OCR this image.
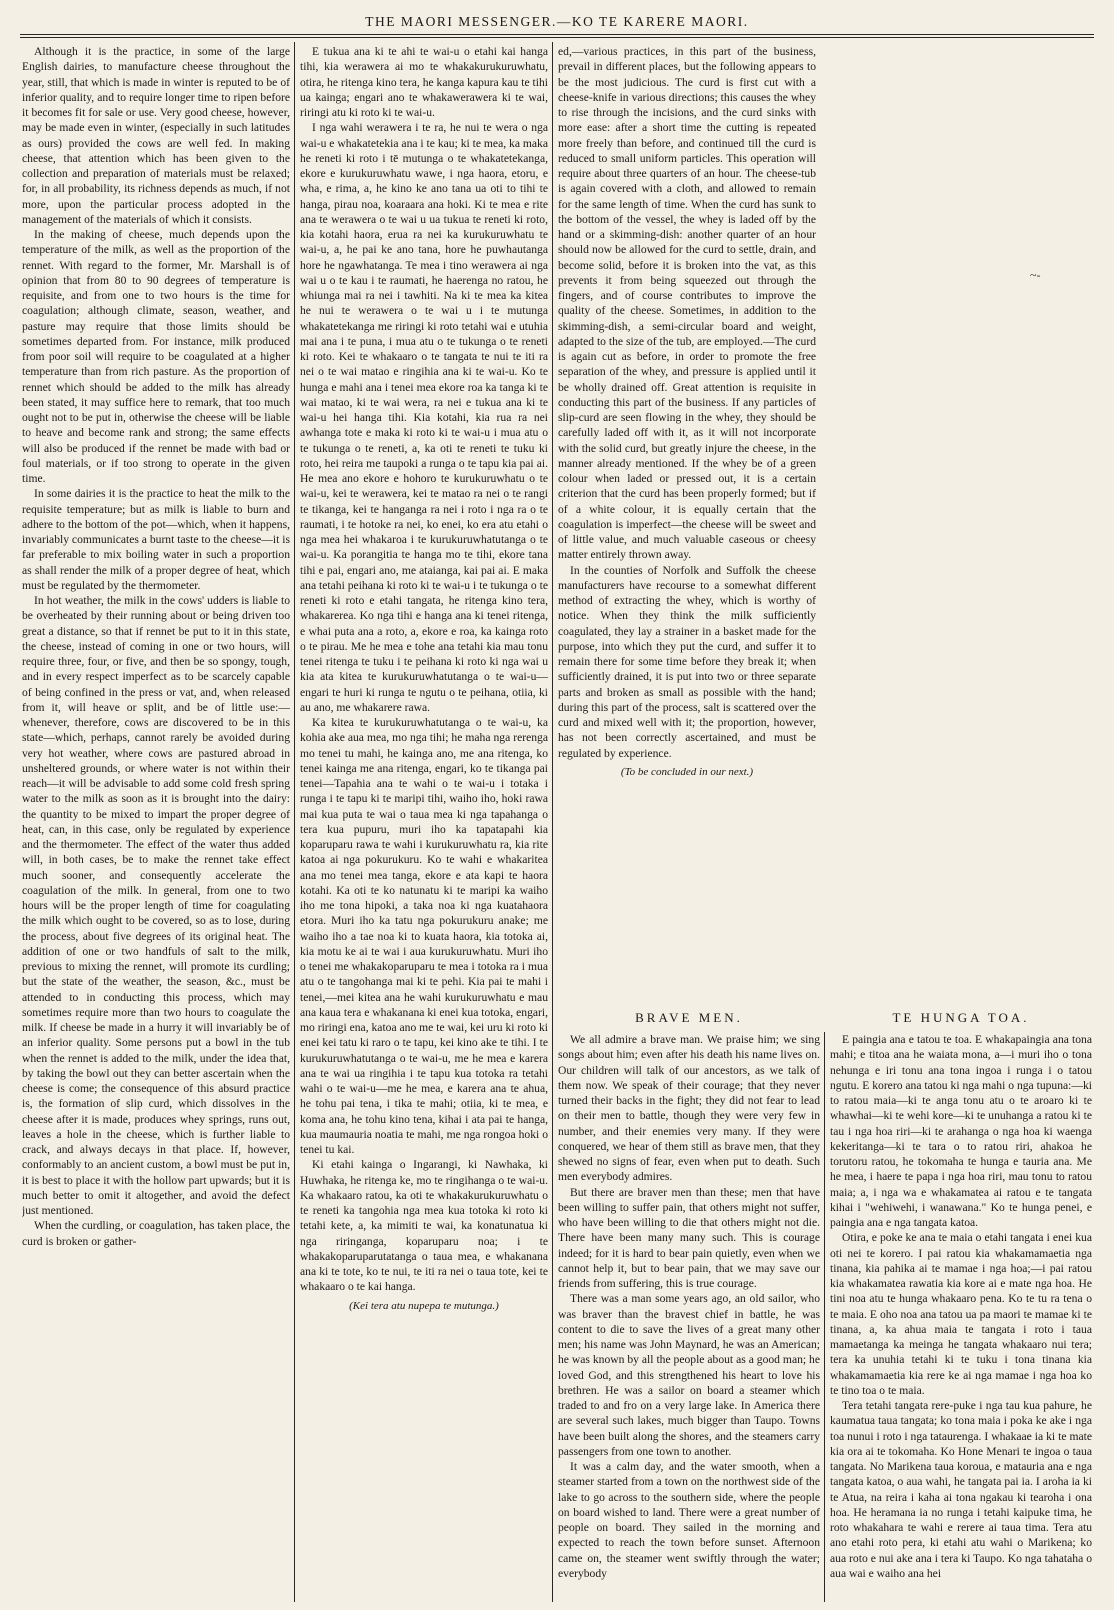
THE MAORI MESSENGER.—KO TE KARERE MAORI.

Although it is the practice, in some of the large English dairies, to manufacture cheese throughout the year, still, that which is made in winter is reputed to be of inferior quality, and to require longer time to ripen before it becomes fit for sale or use. Very good cheese, however, may be made even in winter, (especially in such latitudes as ours) provided the cows are well fed. In making cheese, that attention which has been given to the collection and preparation of materials must be relaxed; for, in all probability, its richness depends as much, if not more, upon the particular process adopted in the management of the materials of which it consists.

In the making of cheese, much depends upon the temperature of the milk, as well as the proportion of the rennet. With regard to the former, Mr. Marshall is of opinion that from 80 to 90 degrees of temperature is requisite, and from one to two hours is the time for coagulation; although climate, season, weather, and pasture may require that those limits should be sometimes departed from. For instance, milk produced from poor soil will require to be coagulated at a higher temperature than from rich pasture. As the proportion of rennet which should be added to the milk has already been stated, it may suffice here to remark, that too much ought not to be put in, otherwise the cheese will be liable to heave and become rank and strong; the same effects will also be produced if the rennet be made with bad or foul materials, or if too strong to operate in the given time.

In some dairies it is the practice to heat the milk to the requisite temperature; but as milk is liable to burn and adhere to the bottom of the pot—which, when it happens, invariably communicates a burnt taste to the cheese—it is far preferable to mix boiling water in such a proportion as shall render the milk of a proper degree of heat, which must be regulated by the thermometer.

In hot weather, the milk in the cows' udders is liable to be overheated by their running about or being driven too great a distance, so that if rennet be put to it in this state, the cheese, instead of coming in one or two hours, will require three, four, or five, and then be so spongy, tough, and in every respect imperfect as to be scarcely capable of being confined in the press or vat, and, when released from it, will heave or split, and be of little use:—whenever, therefore, cows are discovered to be in this state—which, perhaps, cannot rarely be avoided during very hot weather, where cows are pastured abroad in unsheltered grounds, or where water is not within their reach—it will be advisable to add some cold fresh spring water to the milk as soon as it is brought into the dairy: the quantity to be mixed to impart the proper degree of heat, can, in this case, only be regulated by experience and the thermometer. The effect of the water thus added will, in both cases, be to make the rennet take effect much sooner, and consequently accelerate the coagulation of the milk. In general, from one to two hours will be the proper length of time for coagulating the milk which ought to be covered, so as to lose, during the process, about five degrees of its original heat. The addition of one or two handfuls of salt to the milk, previous to mixing the rennet, will promote its curdling; but the state of the weather, the season, &c., must be attended to in conducting this process, which may sometimes require more than two hours to coagulate the milk. If cheese be made in a hurry it will invariably be of an inferior quality. Some persons put a bowl in the tub when the rennet is added to the milk, under the idea that, by taking the bowl out they can better ascertain when the cheese is come; the consequence of this absurd practice is, the formation of slip curd, which dissolves in the cheese after it is made, produces whey springs, runs out, leaves a hole in the cheese, which is further liable to crack, and always decays in that place. If, however, conformably to an ancient custom, a bowl must be put in, it is best to place it with the hollow part upwards; but it is much better to omit it altogether, and avoid the defect just mentioned.

When the curdling, or coagulation, has taken place, the curd is broken or gather-

E tukua ana ki te ahi te wai-u o etahi kai hanga tihi, kia werawera ai mo te whakakurukuruwhatu, otira, he ritenga kino tera, he kanga kapura kau te tihi ua kainga; engari ano te whakawerawera ki te wai, riringi atu ki roto ki te wai-u.

I nga wahi werawera i te ra, he nui te wera o nga wai-u e whakatetekia ana i te kau; ki te mea, ka maka he reneti ki roto i tē mutunga o te whakatetekanga, ekore e kurukuruwhatu wawe, i nga haora, etoru, e wha, e rima, a, he kino ke ano tana ua oti to tihi te hanga, pirau noa, koaraara ana hoki. Ki te mea e rite ana te werawera o te wai u ua tukua te reneti ki roto, kia kotahi haora, erua ra nei ka kurukuruwhatu te wai-u, a, he pai ke ano tana, hore he puwhautanga hore he ngawhatanga. Te mea i tino werawera ai nga wai u o te kau i te raumati, he haerenga no ratou, he whiunga mai ra nei i tawhiti. Na ki te mea ka kitea he nui te werawera o te wai u i te mutunga whakatetekanga me riringi ki roto tetahi wai e utuhia mai ana i te puna, i mua atu o te tukunga o te reneti ki roto. Kei te whakaaro o te tangata te nui te iti ra nei o te wai matao e ringihia ana ki te wai-u. Ko te hunga e mahi ana i tenei mea ekore roa ka tanga ki te wai matao, ki te wai wera, ra nei e tukua ana ki te wai-u hei hanga tihi. Kia kotahi, kia rua ra nei awhanga tote e maka ki roto ki te wai-u i mua atu o te tukunga o te reneti, a, ka oti te reneti te tuku ki roto, hei reira me taupoki a runga o te tapu kia pai ai. He mea ano ekore e hohoro te kurukuruwhatu o te wai-u, kei te werawera, kei te matao ra nei o te rangi te tikanga, kei te hanganga ra nei i roto i nga ra o te raumati, i te hotoke ra nei, ko enei, ko era atu etahi o nga mea hei whakaroa i te kurukuruwhatutanga o te wai-u. Ka porangitia te hanga mo te tihi, ekore tana tihi e pai, engari ano, me ataianga, kai pai ai. E maka ana tetahi peihana ki roto ki te wai-u i te tukunga o te reneti ki roto e etahi tangata, he ritenga kino tera, whakarerea. Ko nga tihi e hanga ana ki tenei ritenga, e whai puta ana a roto, a, ekore e roa, ka kainga roto o te pirau. Me he mea e tohe ana tetahi kia mau tonu tenei ritenga te tuku i te peihana ki roto ki nga wai u kia ata kitea te kurukuruwhatutanga o te wai-u—engari te huri ki runga te ngutu o te peihana, otiia, ki au ano, me whakarere rawa.

Ka kitea te kurukuruwhatutanga o te wai-u, ka kohia ake aua mea, mo nga tihi; he maha nga rerenga mo tenei tu mahi, he kainga ano, me ana ritenga, ko tenei kainga me ana ritenga, engari, ko te tikanga pai tenei—Tapahia ana te wahi o te wai-u i totaka i runga i te tapu ki te maripi tihi, waiho iho, hoki rawa mai kua puta te wai o taua mea ki nga tapahanga o tera kua pupuru, muri iho ka tapatapahi kia koparuparu rawa te wahi i kurukuruwhatu ra, kia rite katoa ai nga pokurukuru. Ko te wahi e whakaritea ana mo tenei mea tanga, ekore e ata kapi te haora kotahi. Ka oti te ko natunatu ki te maripi ka waiho iho me tona hipoki, a taka noa ki nga kuatahaora etora. Muri iho ka tatu nga pokurukuru anake; me waiho iho a tae noa ki to kuata haora, kia totoka ai, kia motu ke ai te wai i aua kurukuruwhatu. Muri iho o tenei me whakakoparuparu te mea i totoka ra i mua atu o te tangohanga mai ki te pehi. Kia pai te mahi i tenei,—mei kitea ana he wahi kurukuruwhatu e mau ana kaua tera e whakanana ki enei kua totoka, engari, mo riringi ena, katoa ano me te wai, kei uru ki roto ki enei kei tatu ki raro o te tapu, kei kino ake te tihi. I te kurukuruwhatutanga o te wai-u, me he mea e karera ana te wai ua ringihia i te tapu kua totoka ra tetahi wahi o te wai-u—me he mea, e karera ana te ahua, he tohu pai tena, i tika te mahi; otiia, ki te mea, e koma ana, he tohu kino tena, kihai i ata pai te hanga, kua maumauria noatia te mahi, me nga rongoa hoki o tenei tu kai.

Ki etahi kainga o Ingarangi, ki Nawhaka, ki Huwhaka, he ritenga ke, mo te ringihanga o te wai-u. Ka whakaaro ratou, ka oti te whakakurukuruwhatu o te reneti ka tangohia nga mea kua totoka ki roto ki tetahi kete, a, ka mimiti te wai, ka konatunatua ki nga riringanga, koparuparu noa; i te whakakoparuparutatanga o taua mea, e whakanana ana ki te tote, ko te nui, te iti ra nei o taua tote, kei te whakaaro o te kai hanga.

(Kei tera atu nupepa te mutunga.)

ed,—various practices, in this part of the business, prevail in different places, but the following appears to be the most judicious. The curd is first cut with a cheese-knife in various directions; this causes the whey to rise through the incisions, and the curd sinks with more ease: after a short time the cutting is repeated more freely than before, and continued till the curd is reduced to small uniform particles. This operation will require about three quarters of an hour. The cheese-tub is again covered with a cloth, and allowed to remain for the same length of time. When the curd has sunk to the bottom of the vessel, the whey is laded off by the hand or a skimming-dish: another quarter of an hour should now be allowed for the curd to settle, drain, and become solid, before it is broken into the vat, as this prevents it from being squeezed out through the fingers, and of course contributes to improve the quality of the cheese. Sometimes, in addition to the skimming-dish, a semi-circular board and weight, adapted to the size of the tub, are employed.—The curd is again cut as before, in order to promote the free separation of the whey, and pressure is applied until it be wholly drained off. Great attention is requisite in conducting this part of the business. If any particles of slip-curd are seen flowing in the whey, they should be carefully laded off with it, as it will not incorporate with the solid curd, but greatly injure the cheese, in the manner already mentioned. If the whey be of a green colour when laded or pressed out, it is a certain criterion that the curd has been properly formed; but if of a white colour, it is equally certain that the coagulation is imperfect—the cheese will be sweet and of little value, and much valuable caseous or cheesy matter entirely thrown away.

In the counties of Norfolk and Suffolk the cheese manufacturers have recourse to a somewhat different method of extracting the whey, which is worthy of notice. When they think the milk sufficiently coagulated, they lay a strainer in a basket made for the purpose, into which they put the curd, and suffer it to remain there for some time before they break it; when sufficiently drained, it is put into two or three separate parts and broken as small as possible with the hand; during this part of the process, salt is scattered over the curd and mixed well with it; the proportion, however, has not been correctly ascertained, and must be regulated by experience.

(To be concluded in our next.)
BRAVE MEN.	TE HUNGA TOA.

We all admire a brave man. We praise him; we sing songs about him; even after his death his name lives on. Our children will talk of our ancestors, as we talk of them now. We speak of their courage; that they never turned their backs in the fight; they did not fear to lead on their men to battle, though they were very few in number, and their enemies very many. If they were conquered, we hear of them still as brave men, that they shewed no signs of fear, even when put to death. Such men everybody admires.

But there are braver men than these; men that have been willing to suffer pain, that others might not suffer, who have been willing to die that others might not die. There have been many many such. This is courage indeed; for it is hard to bear pain quietly, even when we cannot help it, but to bear pain, that we may save our friends from suffering, this is true courage.

There was a man some years ago, an old sailor, who was braver than the bravest chief in battle, he was content to die to save the lives of a great many other men; his name was John Maynard, he was an American; he was known by all the people about as a good man; he loved God, and this strengthened his heart to love his brethren. He was a sailor on board a steamer which traded to and fro on a very large lake. In America there are several such lakes, much bigger than Taupo. Towns have been built along the shores, and the steamers carry passengers from one town to another.

It was a calm day, and the water smooth, when a steamer started from a town on the northwest side of the lake to go across to the southern side, where the people on board wished to land. There were a great number of people on board. They sailed in the morning and expected to reach the town before sunset. Afternoon came on, the steamer went swiftly through the water; everybody

E paingia ana e tatou te toa. E whakapaingia ana tona mahi; e titoa ana he waiata mona, a—i muri iho o tona nehunga e iri tonu ana tona ingoa i runga i o tatou ngutu. E korero ana tatou ki nga mahi o nga tupuna:—ki to ratou maia—ki te anga tonu atu o te aroaro ki te whawhai—ki te wehi kore—ki te unuhanga a ratou ki te tau i nga hoa riri—ki te arahanga o nga hoa ki waenga kekeritanga—ki te tara o to ratou riri, ahakoa he torutoru ratou, he tokomaha te hunga e tauria ana. Me he mea, i haere te papa i nga hoa riri, mau tonu to ratou maia; a, i nga wa e whakamatea ai ratou e te tangata kihai i "wehiwehi, i wanawana." Ko te hunga penei, e paingia ana e nga tangata katoa.

Otira, e poke ke ana te maia o etahi tangata i enei kua oti nei te korero. I pai ratou kia whakamamaetia nga tinana, kia pahika ai te mamae i nga hoa;—i pai ratou kia whakamatea rawatia kia kore ai e mate nga hoa. He tini noa atu te hunga whakaaro pena. Ko te tu ra tena o te maia. E oho noa ana tatou ua pa maori te mamae ki te tinana, a, ka ahua maia te tangata i roto i taua mamaetanga ka meinga he tangata whakaaro nui tera; tera ka unuhia tetahi ki te tuku i tona tinana kia whakamamaetia kia rere ke ai nga mamae i nga hoa ko te tino toa o te maia.

Tera tetahi tangata rere-puke i nga tau kua pahure, he kaumatua taua tangata; ko tona maia i poka ke ake i nga toa nunui i roto i nga tataurenga. I whakaae ia ki te mate kia ora ai te tokomaha. Ko Hone Menari te ingoa o taua tangata. No Marikena taua koroua, e matauria ana e nga tangata katoa, o aua wahi, he tangata pai ia. I aroha ia ki te Atua, na reira i kaha ai tona ngakau ki tearoha i ona hoa. He heramana ia no runga i tetahi kaipuke tima, he roto whakahara te wahi e rerere ai taua tima. Tera atu ano etahi roto pera, ki etahi atu wahi o Marikena; ko aua roto e nui ake ana i tera ki Taupo. Ko nga tahataha o aua wai e waiho ana hei

~-
